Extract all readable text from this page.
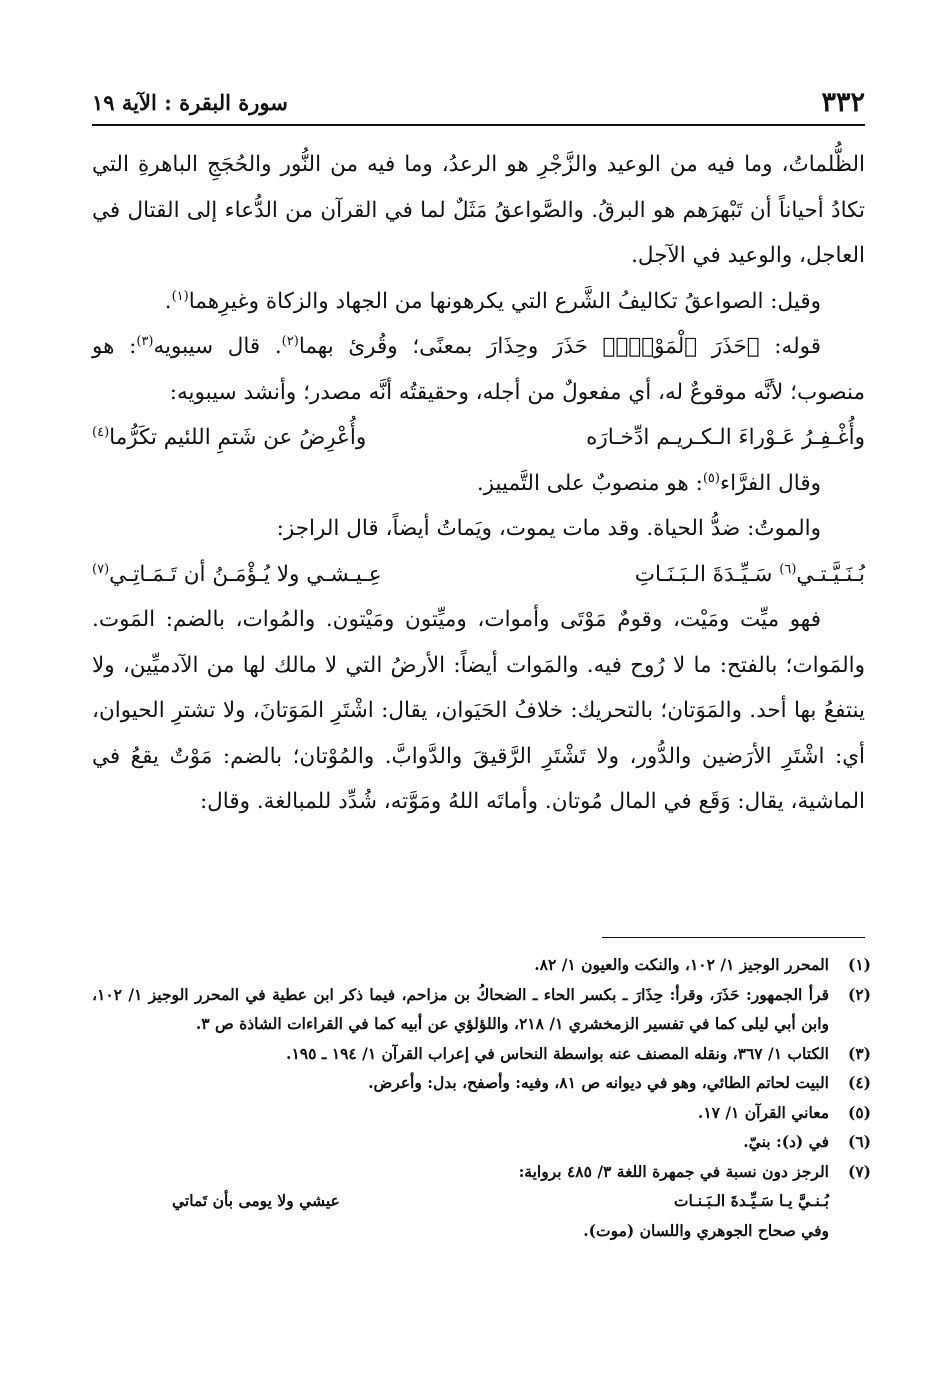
٣٣٢
سورة البقرة : الآية ١٩

الظُّلماتُ، وما فيه من الوعيد والزَّجْرِ هو الرعدُ، وما فيه من النُّور والحُجَجِ الباهرةِ التي تكادُ أحياناً أن تَبْهرَهم هو البرقُ. والصَّواعقُ مَثَلٌ لما في القرآن من الدُّعاء إلى القتال في العاجل، والوعيد في الآجل.

وقيل: الصواعقُ تكاليفُ الشَّرع التي يكرهونها من الجهاد والزكاة وغيرِهما$^{(١)}$.

قوله: ﴿حَذَرَ ٱلْمَوْتِۚ﴾ حَذَرَ وحِذَارَ بمعنًى؛ وقُرئ بهما$^{(٢)}$. قال سيبويه$^{(٣)}$: هو منصوب؛ لأنَّه موقوعٌ له، أي مفعولٌ من أجله، وحقيقتُه أنَّه مصدر؛ وأنشد سيبويه:

وأُغْـفِـرُ عَـوْراءَ الـكـريـم ادِّخـارَه
وأُعْرِضُ عن شَتمِ اللئيم تكَرُّما$^{(٤)}$

وقال الفرَّاء$^{(٥)}$: هو منصوبٌ على التَّمييز.

والموتُ: ضدُّ الحياة. وقد مات يموت، ويَماتُ أيضاً، قال الراجز:

بُـنَـيَّـتـي$^{(٦)}$ سَـيِّـدَةَ الـبَـنَـاتِ
عِـيـشـي ولا يُـؤْمَـنُ أن تَـمَـاتِـي$^{(٧)}$

فهو ميِّت ومَيْت، وقومٌ مَوْتَى وأموات، وميِّتون ومَيْتون. والمُوات، بالضم: المَوت. والمَوات؛ بالفتح: ما لا رُوح فيه. والمَوات أيضاً: الأرضُ التي لا مالك لها من الآدميِّين، ولا ينتفعُ بها أحد. والمَوَتان؛ بالتحريك: خلافُ الحَيَوان، يقال: اشْتَرِ المَوَتانَ، ولا تشترِ الحيوان، أي: اشْتَرِ الأرَضين والدُّور، ولا تَشْتَرِ الرَّقيقَ والدَّوابَّ. والمُوْتان؛ بالضم: مَوْتٌ يقعُ في الماشية، يقال: وَقَع في المال مُوتان. وأماتَه اللهُ ومَوَّته، شُدِّد للمبالغة. وقال:

(١)
المحرر الوجيز ١/ ١٠٢، والنكت والعيون ١/ ٨٢.
(٢)
قرأ الجمهور: حَذَرَ، وقرأ: حِذَارَ ـ بكسر الحاء ـ الضحاكُ بن مزاحم، فيما ذكر ابن عطية في المحرر الوجيز ١/ ١٠٢، وابن أبي ليلى كما في تفسير الزمخشري ١/ ٢١٨، واللؤلؤي عن أبيه كما في القراءات الشاذة ص ٣.
(٣)
الكتاب ١/ ٣٦٧، ونقله المصنف عنه بواسطة النحاس في إعراب القرآن ١/ ١٩٤ ـ ١٩٥.
(٤)
البيت لحاتم الطائي، وهو في ديوانه ص ٨١، وفيه: وأصفح، بدل: وأعرض.
(٥)
معاني القرآن ١/ ١٧.
(٦)
في (د): بنيّ.
(٧)
الرجز دون نسبة في جمهرة اللغة ٣/ ٤٨٥ برواية:
بُـنـيَّ يـا سَـيِّـدةَ الـبَـنـات
عيشي ولا يومى بأن تَماتي
وفي صحاح الجوهري واللسان (موت).
